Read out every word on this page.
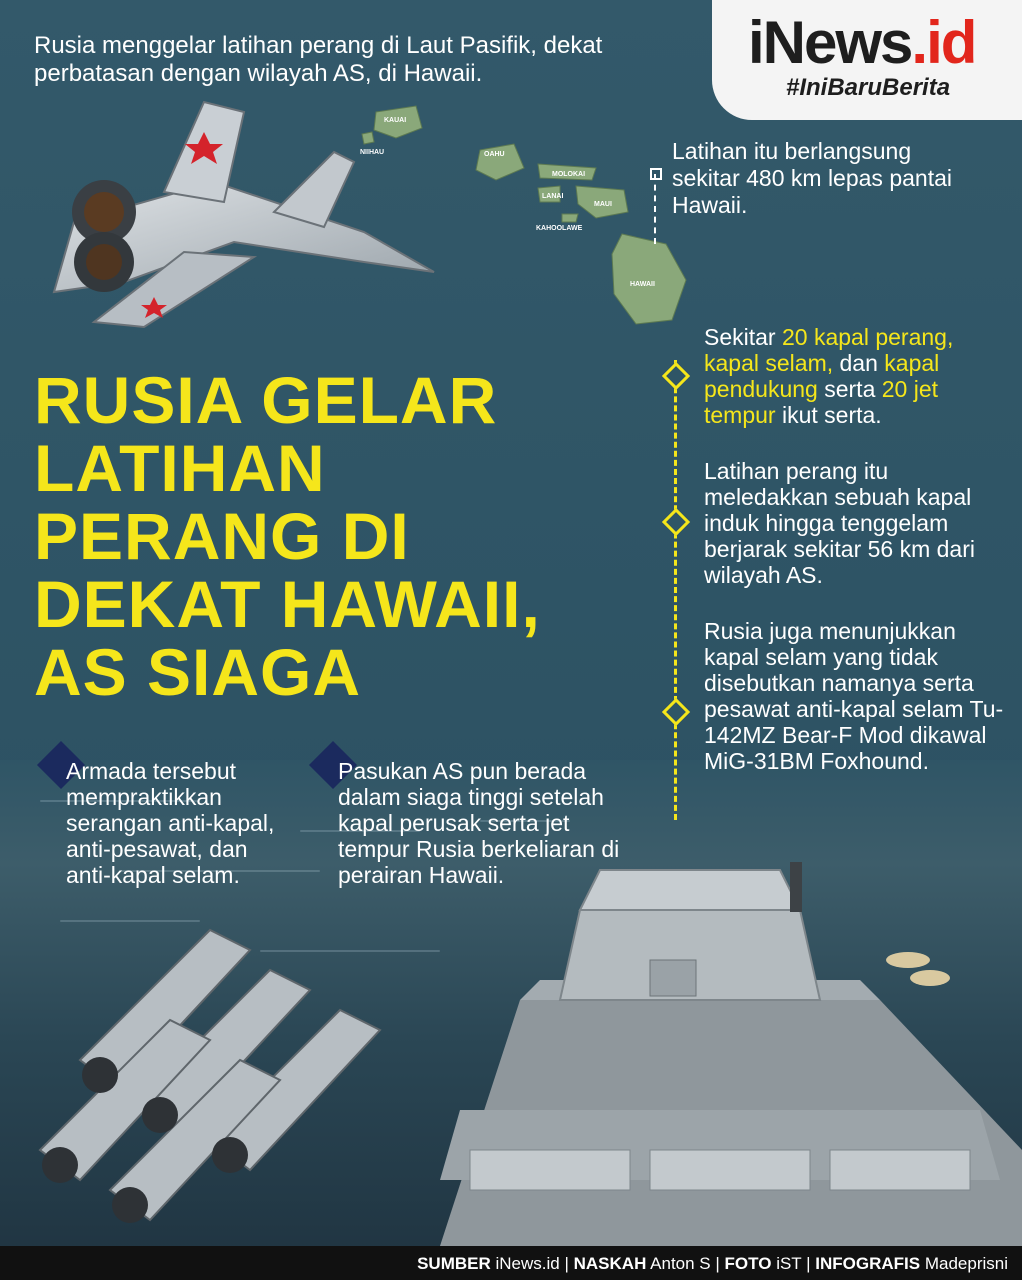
iNews.id
#IniBaruBerita
Rusia menggelar latihan perang di Laut Pasifik, dekat perbatasan dengan wilayah AS, di Hawaii.
KAUAI
NIIHAU	OAHU
MOLOKAI
LANAI
MAUI
KAHOOLAWE
HAWAII
Latihan itu berlangsung sekitar 480 km lepas pantai Hawaii.
RUSIA GELAR
LATIHAN
PERANG DI
DEKAT HAWAII,
AS SIAGA
Sekitar 20 kapal perang, kapal selam, dan kapal pendukung serta 20 jet tempur ikut serta.
Latihan perang itu meledakkan sebuah kapal induk hingga tenggelam berjarak sekitar 56 km dari wilayah AS.
Rusia juga menunjukkan kapal selam yang tidak disebutkan namanya serta pesawat anti-kapal selam Tu-142MZ Bear-F Mod dikawal MiG-31BM Foxhound.
Armada tersebut mempraktikkan serangan anti-kapal, anti-pesawat, dan anti-kapal selam.
Pasukan AS pun berada dalam siaga tinggi setelah kapal perusak serta jet tempur Rusia berkeliaran di perairan Hawaii.
SUMBER iNews.id | NASKAH Anton S | FOTO iST | INFOGRAFIS Madeprisni
